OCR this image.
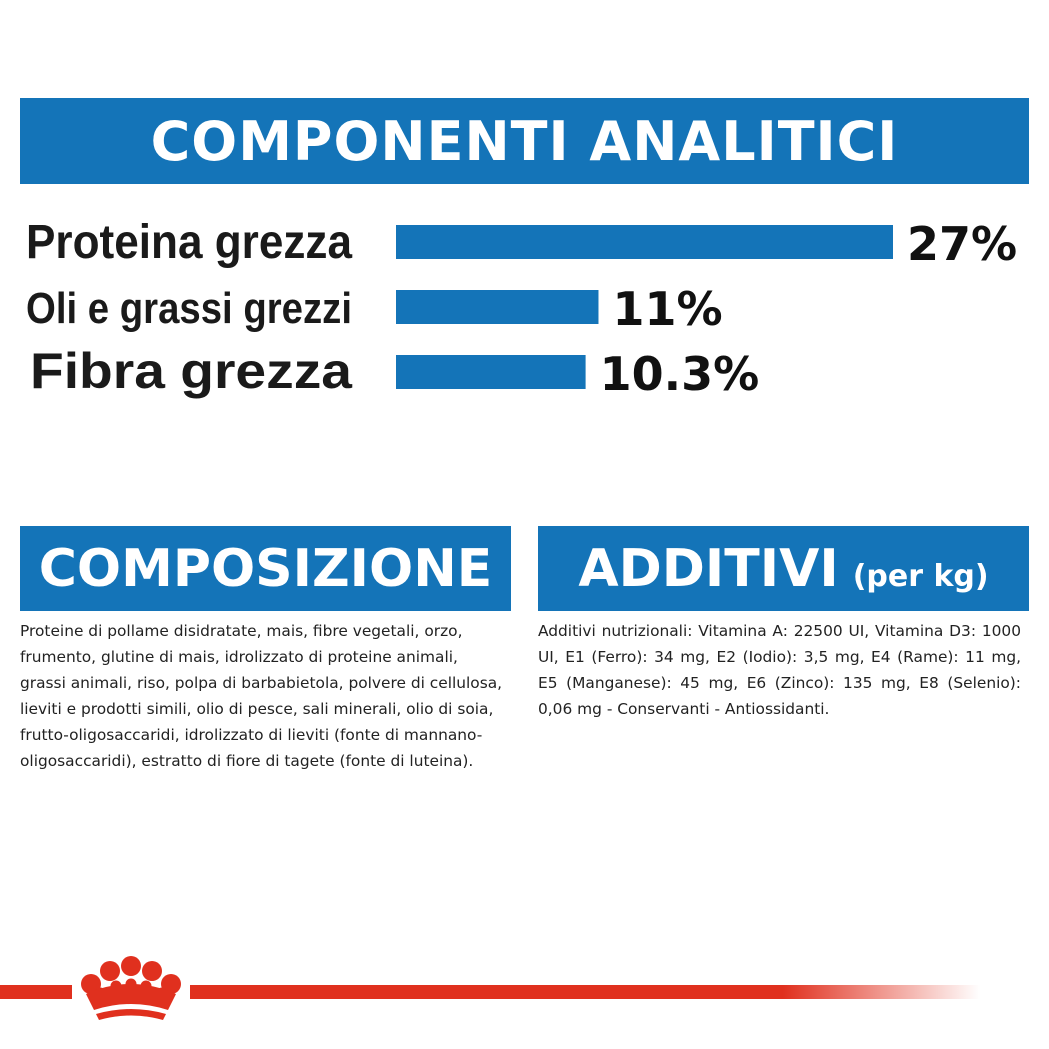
COMPONENTI ANALITICI
Proteina grezza	27%
Oli e grassi grezzi	11%
Fibra grezza	10.3%
COMPOSIZIONE

Proteine di pollame disidratate, mais, fibre vegetali, orzo, frumento, glutine di mais, idrolizzato di proteine animali, grassi animali, riso, polpa di barbabietola, polvere di cellulosa, lieviti e prodotti simili, olio di pesce, sali minerali, olio di soia, frutto-oligosaccaridi, idrolizzato di lieviti (fonte di mannano-oligosaccaridi), estratto di fiore di tagete (fonte di luteina).

ADDITIVI (per kg)

Additivi nutrizionali: Vitamina A: 22500 UI, Vitamina D3: 1000 UI, E1 (Ferro): 34 mg, E2 (Iodio): 3,5 mg, E4 (Rame): 11 mg, E5 (Manganese): 45 mg, E6 (Zinco): 135 mg, E8 (Selenio): 0,06 mg - Conservanti - Antiossidanti.
